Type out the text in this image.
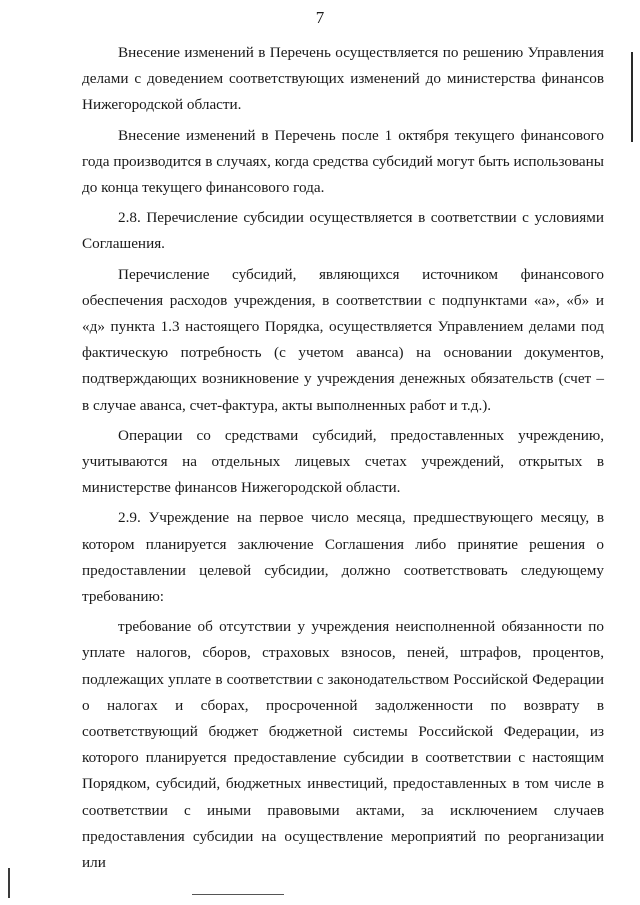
7

Внесение изменений в Перечень осуществляется по решению Управления делами с доведением соответствующих изменений до министерства финансов Нижегородской области.

Внесение изменений в Перечень после 1 октября текущего финансового года производится в случаях, когда средства субсидий могут быть использованы до конца текущего финансового года.

2.8. Перечисление субсидии осуществляется в соответствии с условиями Соглашения.

Перечисление субсидий, являющихся источником финансового обеспечения расходов учреждения, в соответствии с подпунктами «а», «б» и «д» пункта 1.3 настоящего Порядка, осуществляется Управлением делами под фактическую потребность (с учетом аванса) на основании документов, подтверждающих возникновение у учреждения денежных обязательств (счет – в случае аванса, счет-фактура, акты выполненных работ и т.д.).

Операции со средствами субсидий, предоставленных учреждению, учитываются на отдельных лицевых счетах учреждений, открытых в министерстве финансов Нижегородской области.

2.9. Учреждение на первое число месяца, предшествующего месяцу, в котором планируется заключение Соглашения либо принятие решения о предоставлении целевой субсидии, должно соответствовать следующему требованию:

требование об отсутствии у учреждения неисполненной обязанности по уплате налогов, сборов, страховых взносов, пеней, штрафов, процентов, подлежащих уплате в соответствии с законодательством Российской Федерации о налогах и сборах, просроченной задолженности по возврату в соответствующий бюджет бюджетной системы Российской Федерации, из которого планируется предоставление субсидии в соответствии с настоящим Порядком, субсидий, бюджетных инвестиций, предоставленных в том числе в соответствии с иными правовыми актами, за исключением случаев предоставления субсидии на осуществление мероприятий по реорганизации или
